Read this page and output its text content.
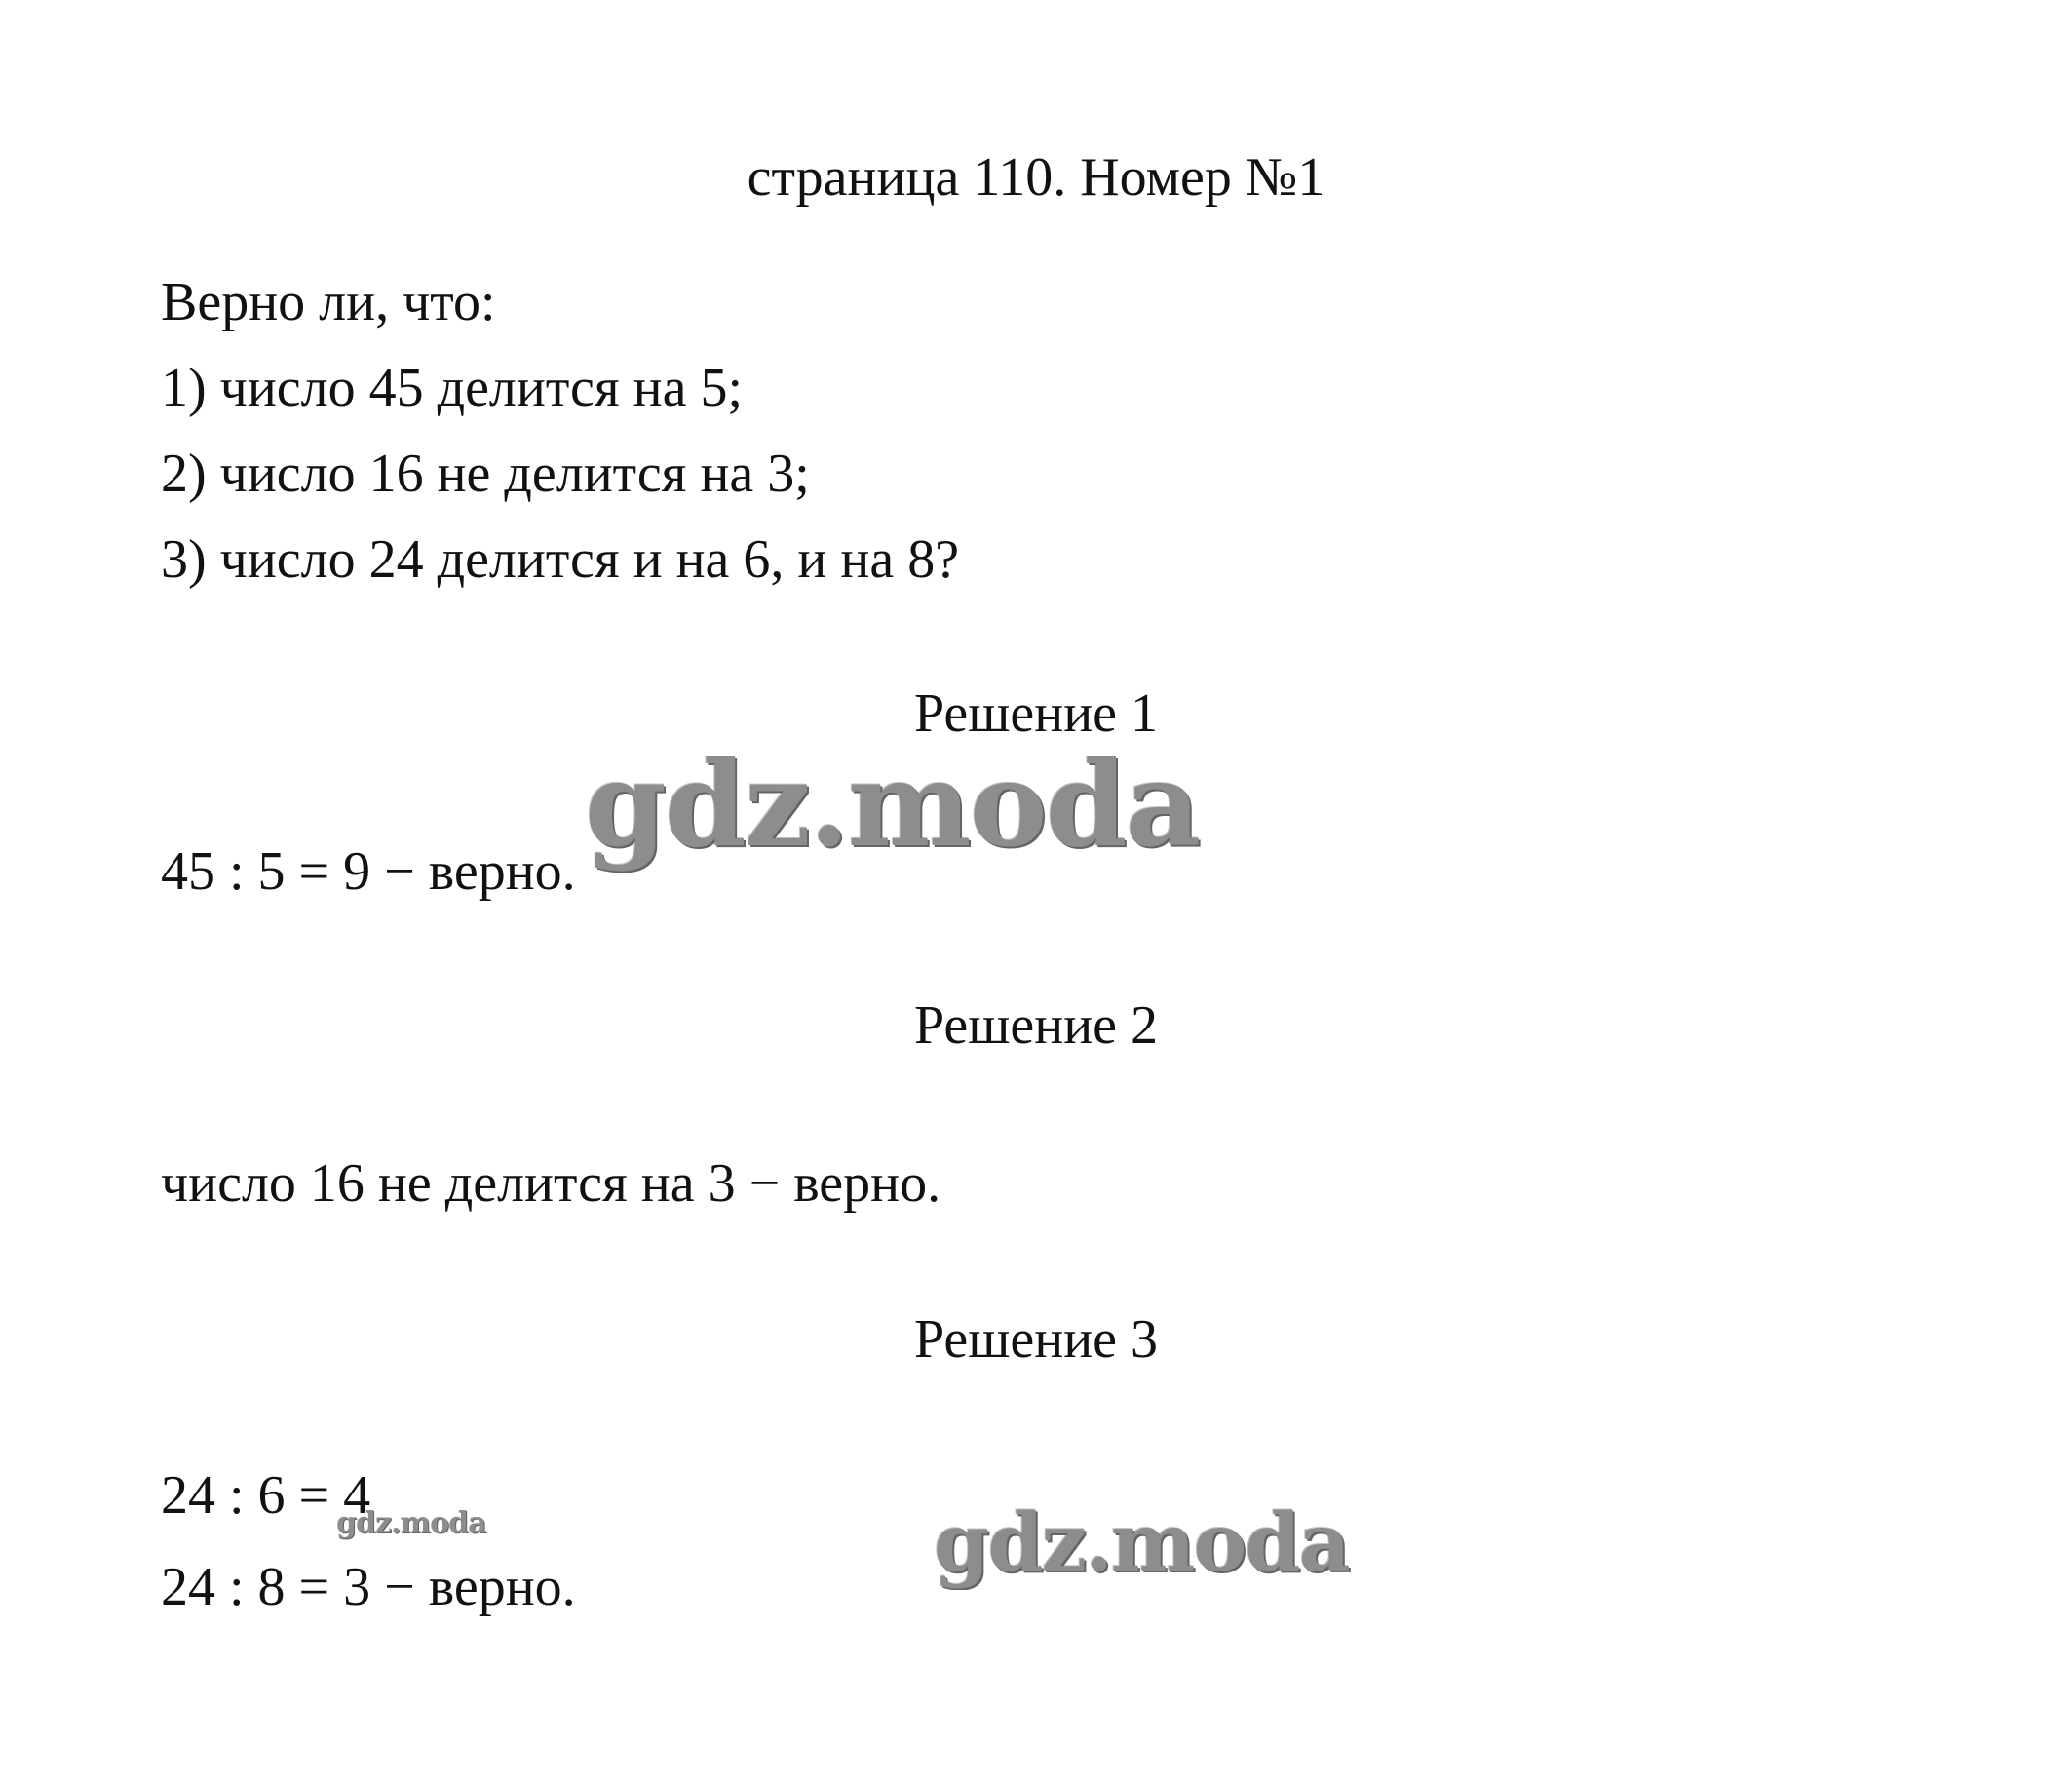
страница 110. Номер №1
Верно ли, что:
1) число 45 делится на 5;
2) число 16 не делится на 3;
3) число 24 делится и на 6, и на 8?
Решение 1
45 : 5 = 9 − верно.
Решение 2
число 16 не делится на 3 − верно.
Решение 3
24 : 6 = 4
24 : 8 = 3 − верно.
gdz.moda
gdz.moda
gdz.moda
